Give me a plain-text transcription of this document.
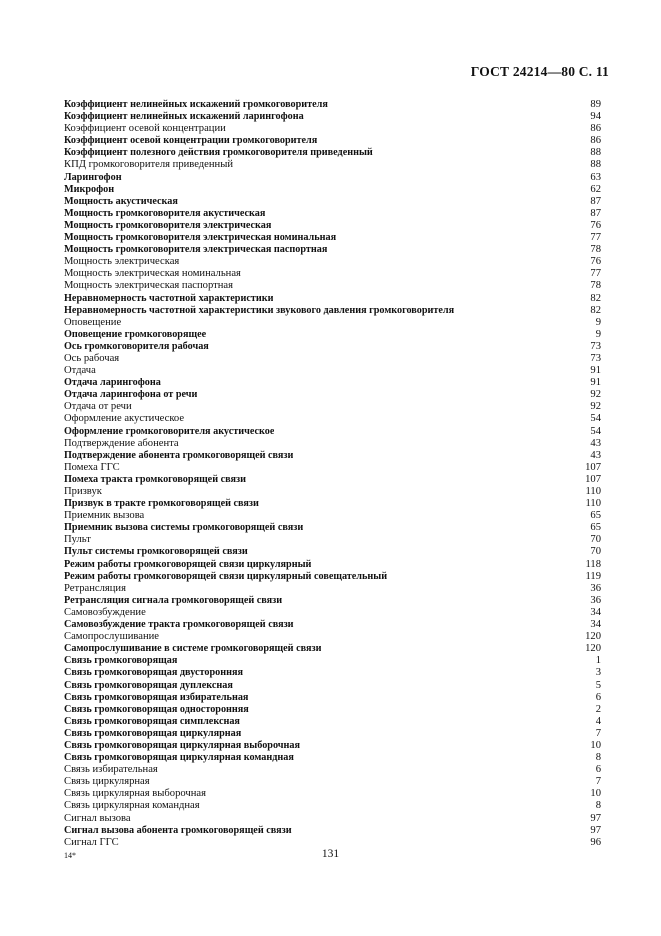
ГОСТ 24214—80 С. 11
Коэффициент нелинейных искажений громкоговорителя	89
Коэффициент нелинейных искажений ларингофона	94
Коэффициент осевой концентрации	86
Коэффициент осевой концентрации громкоговорителя	86
Коэффициент полезного действия громкоговорителя приведенный	88
КПД громкоговорителя приведенный	88
Ларингофон	63
Микрофон	62
Мощность акустическая	87
Мощность громкоговорителя акустическая	87
Мощность громкоговорителя электрическая	76
Мощность громкоговорителя электрическая номинальная	77
Мощность громкоговорителя электрическая паспортная	78
Мощность электрическая	76
Мощность электрическая номинальная	77
Мощность электрическая паспортная	78
Неравномерность частотной характеристики	82
Неравномерность частотной характеристики звукового давления громкоговорителя	82
Оповещение	9
Оповещение громкоговорящее	9
Ось громкоговорителя рабочая	73
Ось рабочая	73
Отдача	91
Отдача ларингофона	91
Отдача ларингофона от речи	92
Отдача от речи	92
Оформление акустическое	54
Оформление громкоговорителя акустическое	54
Подтверждение абонента	43
Подтверждение абонента громкоговорящей связи	43
Помеха ГГС	107
Помеха тракта громкоговорящей связи	107
Призвук	110
Призвук в тракте громкоговорящей связи	110
Приемник вызова	65
Приемник вызова системы громкоговорящей связи	65
Пульт	70
Пульт системы громкоговорящей связи	70
Режим работы громкоговорящей связи циркулярный	118
Режим работы громкоговорящей связи циркулярный совещательный	119
Ретрансляция	36
Ретрансляция сигнала громкоговорящей связи	36
Самовозбуждение	34
Самовозбуждение тракта громкоговорящей связи	34
Самопрослушивание	120
Самопрослушивание в системе громкоговорящей связи	120
Связь громкоговорящая	1
Связь громкоговорящая двусторонняя	3
Связь громкоговорящая дуплексная	5
Связь громкоговорящая избирательная	6
Связь громкоговорящая односторонняя	2
Связь громкоговорящая симплексная	4
Связь громкоговорящая циркулярная	7
Связь громкоговорящая циркулярная выборочная	10
Связь громкоговорящая циркулярная командная	8
Связь избирательная	6
Связь циркулярная	7
Связь циркулярная выборочная	10
Связь циркулярная командная	8
Сигнал вызова	97
Сигнал вызова абонента громкоговорящей связи	97
Сигнал ГГС	96
14*	131
